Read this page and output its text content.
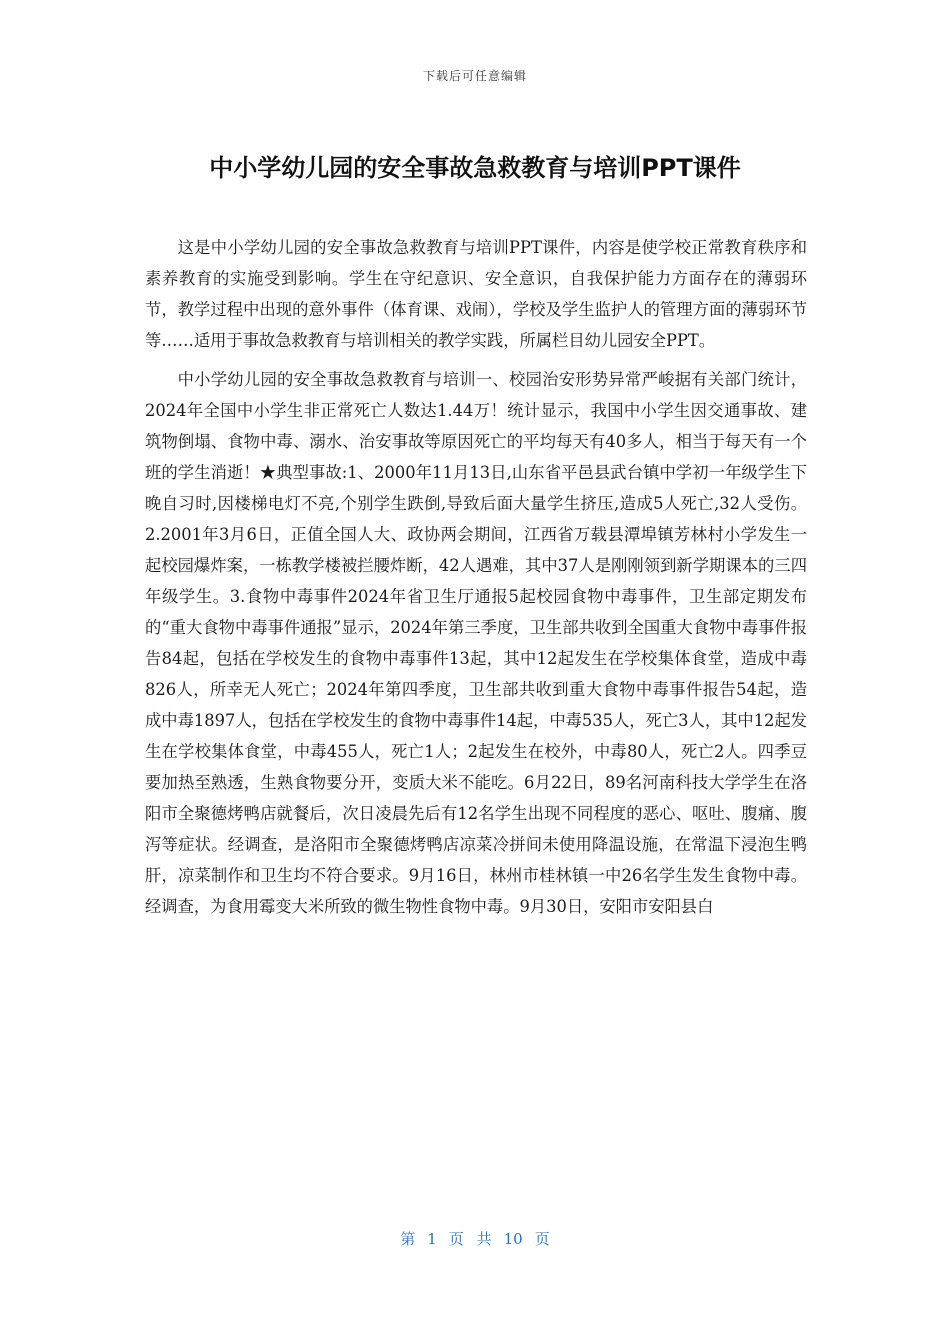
下载后可任意编辑
中小学幼儿园的安全事故急救教育与培训PPT课件

这是中小学幼儿园的安全事故急救教育与培训PPT课件，内容是使学校正常教育秩序和素养教育的实施受到影响。学生在守纪意识、安全意识，自我保护能力方面存在的薄弱环节，教学过程中出现的意外事件（体育课、戏闹），学校及学生监护人的管理方面的薄弱环节等……适用于事故急救教育与培训相关的教学实践，所属栏目幼儿园安全PPT。

中小学幼儿园的安全事故急救教育与培训一、校园治安形势异常严峻据有关部门统计，2024年全国中小学生非正常死亡人数达1.44万！统计显示，我国中小学生因交通事故、建筑物倒塌、食物中毒、溺水、治安事故等原因死亡的平均每天有40多人，相当于每天有一个班的学生消逝！★典型事故:1、2000年11月13日,山东省平邑县武台镇中学初一年级学生下晚自习时,因楼梯电灯不亮,个别学生跌倒,导致后面大量学生挤压,造成5人死亡,32人受伤。2.2001年3月6日，正值全国人大、政协两会期间，江西省万载县潭埠镇芳林村小学发生一起校园爆炸案，一栋教学楼被拦腰炸断，42人遇难，其中37人是刚刚领到新学期课本的三四年级学生。3.食物中毒事件2024年省卫生厅通报5起校园食物中毒事件，卫生部定期发布的“重大食物中毒事件通报”显示，2024年第三季度，卫生部共收到全国重大食物中毒事件报告84起，包括在学校发生的食物中毒事件13起，其中12起发生在学校集体食堂，造成中毒826人，所幸无人死亡；2024年第四季度，卫生部共收到重大食物中毒事件报告54起，造成中毒1897人，包括在学校发生的食物中毒事件14起，中毒535人，死亡3人，其中12起发生在学校集体食堂，中毒455人，死亡1人；2起发生在校外，中毒80人，死亡2人。四季豆要加热至熟透，生熟食物要分开，变质大米不能吃。6月22日，89名河南科技大学学生在洛阳市全聚德烤鸭店就餐后，次日凌晨先后有12名学生出现不同程度的恶心、呕吐、腹痛、腹泻等症状。经调查，是洛阳市全聚德烤鸭店凉菜冷拼间未使用降温设施，在常温下浸泡生鸭肝，凉菜制作和卫生均不符合要求。9月16日，林州市桂林镇一中26名学生发生食物中毒。经调查，为食用霉变大米所致的微生物性食物中毒。9月30日，安阳市安阳县白

第 1 页 共 10 页
